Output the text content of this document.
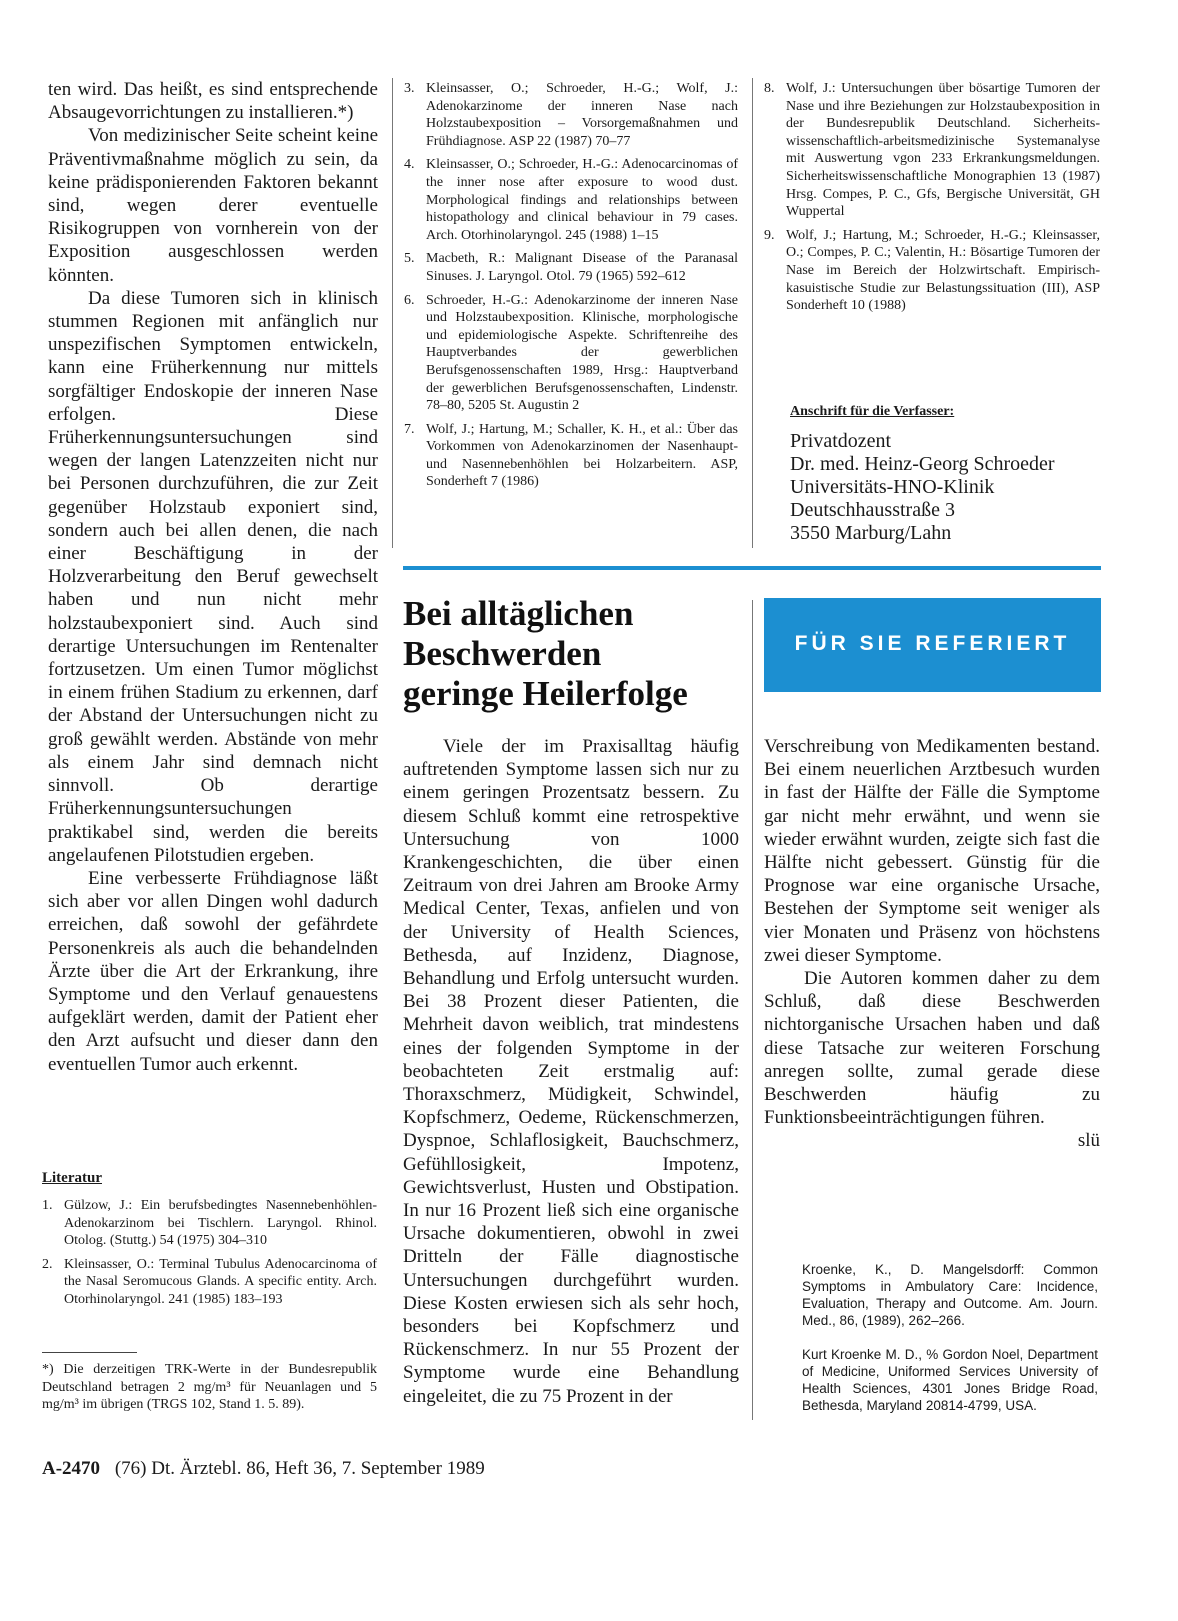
ten wird. Das heißt, es sind entsprechende Absaugevorrichtungen zu installieren.*)

Von medizinischer Seite scheint keine Präventivmaßnahme möglich zu sein, da keine prädisponierenden Faktoren bekannt sind, wegen derer eventuelle Risikogruppen von vornherein von der Exposition ausgeschlossen werden könnten.

Da diese Tumoren sich in klinisch stummen Regionen mit anfänglich nur unspezifischen Symptomen entwickeln, kann eine Früherkennung nur mittels sorgfältiger Endoskopie der inneren Nase erfolgen. Diese Früherkennungsuntersuchungen sind wegen der langen Latenzzeiten nicht nur bei Personen durchzuführen, die zur Zeit gegenüber Holzstaub exponiert sind, sondern auch bei allen denen, die nach einer Beschäftigung in der Holzverarbeitung den Beruf gewechselt haben und nun nicht mehr holzstaubexponiert sind. Auch sind derartige Untersuchungen im Rentenalter fortzusetzen. Um einen Tumor möglichst in einem frühen Stadium zu erkennen, darf der Abstand der Untersuchungen nicht zu groß gewählt werden. Abstände von mehr als einem Jahr sind demnach nicht sinnvoll. Ob derartige Früherkennungsuntersuchungen praktikabel sind, werden die bereits angelaufenen Pilotstudien ergeben.

Eine verbesserte Frühdiagnose läßt sich aber vor allen Dingen wohl dadurch erreichen, daß sowohl der gefährdete Personenkreis als auch die behandelnden Ärzte über die Art der Erkrankung, ihre Symptome und den Verlauf genauestens aufgeklärt werden, damit der Patient eher den Arzt aufsucht und dieser dann den eventuellen Tumor auch erkennt.

Literatur
1. Gülzow, J.: Ein berufsbedingtes Nasennebenhöhlen-Adenokarzinom bei Tischlern. Laryngol. Rhinol. Otolog. (Stuttg.) 54 (1975) 304–310
2. Kleinsasser, O.: Terminal Tubulus Adenocarcinoma of the Nasal Seromucous Glands. A specific entity. Arch. Otorhinolaryngol. 241 (1985) 183–193
*) Die derzeitigen TRK-Werte in der Bundesrepublik Deutschland betragen 2 mg/m³ für Neuanlagen und 5 mg/m³ im übrigen (TRGS 102, Stand 1. 5. 89).
3. Kleinsasser, O.; Schroeder, H.-G.; Wolf, J.: Adenokarzinome der inneren Nase nach Holzstaubexposition – Vorsorgemaßnahmen und Frühdiagnose. ASP 22 (1987) 70–77
4. Kleinsasser, O.; Schroeder, H.-G.: Adenocarcinomas of the inner nose after exposure to wood dust. Morphological findings and relationships between histopathology and clinical behaviour in 79 cases. Arch. Otorhinolaryngol. 245 (1988) 1–15
5. Macbeth, R.: Malignant Disease of the Paranasal Sinuses. J. Laryngol. Otol. 79 (1965) 592–612
6. Schroeder, H.-G.: Adenokarzinome der inneren Nase und Holzstaubexposition. Klinische, morphologische und epidemiologische Aspekte. Schriftenreihe des Hauptverbandes der gewerblichen Berufsgenossenschaften 1989, Hrsg.: Hauptverband der gewerblichen Berufsgenossenschaften, Lindenstr. 78–80, 5205 St. Augustin 2
7. Wolf, J.; Hartung, M.; Schaller, K. H., et al.: Über das Vorkommen von Adenokarzinomen der Nasenhaupt- und Nasennebenhöhlen bei Holzarbeitern. ASP, Sonderheft 7 (1986)
8. Wolf, J.: Untersuchungen über bösartige Tumoren der Nase und ihre Beziehungen zur Holzstaubexposition in der Bundesrepublik Deutschland. Sicherheits-wissenschaftlich-arbeitsmedizinische Systemanalyse mit Auswertung vgon 233 Erkrankungsmeldungen. Sicherheitswissenschaftliche Monographien 13 (1987) Hrsg. Compes, P. C., Gfs, Bergische Universität, GH Wuppertal
9. Wolf, J.; Hartung, M.; Schroeder, H.-G.; Kleinsasser, O.; Compes, P. C.; Valentin, H.: Bösartige Tumoren der Nase im Bereich der Holzwirtschaft. Empirisch-kasuistische Studie zur Belastungssituation (III), ASP Sonderheft 10 (1988)
Anschrift für die Verfasser:
Privatdozent
Dr. med. Heinz-Georg Schroeder
Universitäts-HNO-Klinik
Deutschhausstraße 3
3550 Marburg/Lahn
Bei alltäglichen
Beschwerden
geringe Heilerfolge
FÜR SIE REFERIERT

Viele der im Praxisalltag häufig auftretenden Symptome lassen sich nur zu einem geringen Prozentsatz bessern. Zu diesem Schluß kommt eine retrospektive Untersuchung von 1000 Krankengeschichten, die über einen Zeitraum von drei Jahren am Brooke Army Medical Center, Texas, anfielen und von der University of Health Sciences, Bethesda, auf Inzidenz, Diagnose, Behandlung und Erfolg untersucht wurden. Bei 38 Prozent dieser Patienten, die Mehrheit davon weiblich, trat mindestens eines der folgenden Symptome in der beobachteten Zeit erstmalig auf: Thoraxschmerz, Müdigkeit, Schwindel, Kopfschmerz, Oedeme, Rückenschmerzen, Dyspnoe, Schlaflosigkeit, Bauchschmerz, Gefühllosigkeit, Impotenz, Gewichtsverlust, Husten und Obstipation. In nur 16 Prozent ließ sich eine organische Ursache dokumentieren, obwohl in zwei Dritteln der Fälle diagnostische Untersuchungen durchgeführt wurden. Diese Kosten erwiesen sich als sehr hoch, besonders bei Kopfschmerz und Rückenschmerz. In nur 55 Prozent der Symptome wurde eine Behandlung eingeleitet, die zu 75 Prozent in der

Verschreibung von Medikamenten bestand. Bei einem neuerlichen Arztbesuch wurden in fast der Hälfte der Fälle die Symptome gar nicht mehr erwähnt, und wenn sie wieder erwähnt wurden, zeigte sich fast die Hälfte nicht gebessert. Günstig für die Prognose war eine organische Ursache, Bestehen der Symptome seit weniger als vier Monaten und Präsenz von höchstens zwei dieser Symptome.

Die Autoren kommen daher zu dem Schluß, daß diese Beschwerden nichtorganische Ursachen haben und daß diese Tatsache zur weiteren Forschung anregen sollte, zumal gerade diese Beschwerden häufig zu Funktionsbeeinträchtigungen führen.
slü

Kroenke, K., D. Mangelsdorff: Common Symptoms in Ambulatory Care: Incidence, Evaluation, Therapy and Outcome. Am. Journ. Med., 86, (1989), 262–266.
Kurt Kroenke M. D., % Gordon Noel, Department of Medicine, Uniformed Services University of Health Sciences, 4301 Jones Bridge Road, Bethesda, Maryland 20814-4799, USA.
A-2470 (76) Dt. Ärztebl. 86, Heft 36, 7. September 1989
